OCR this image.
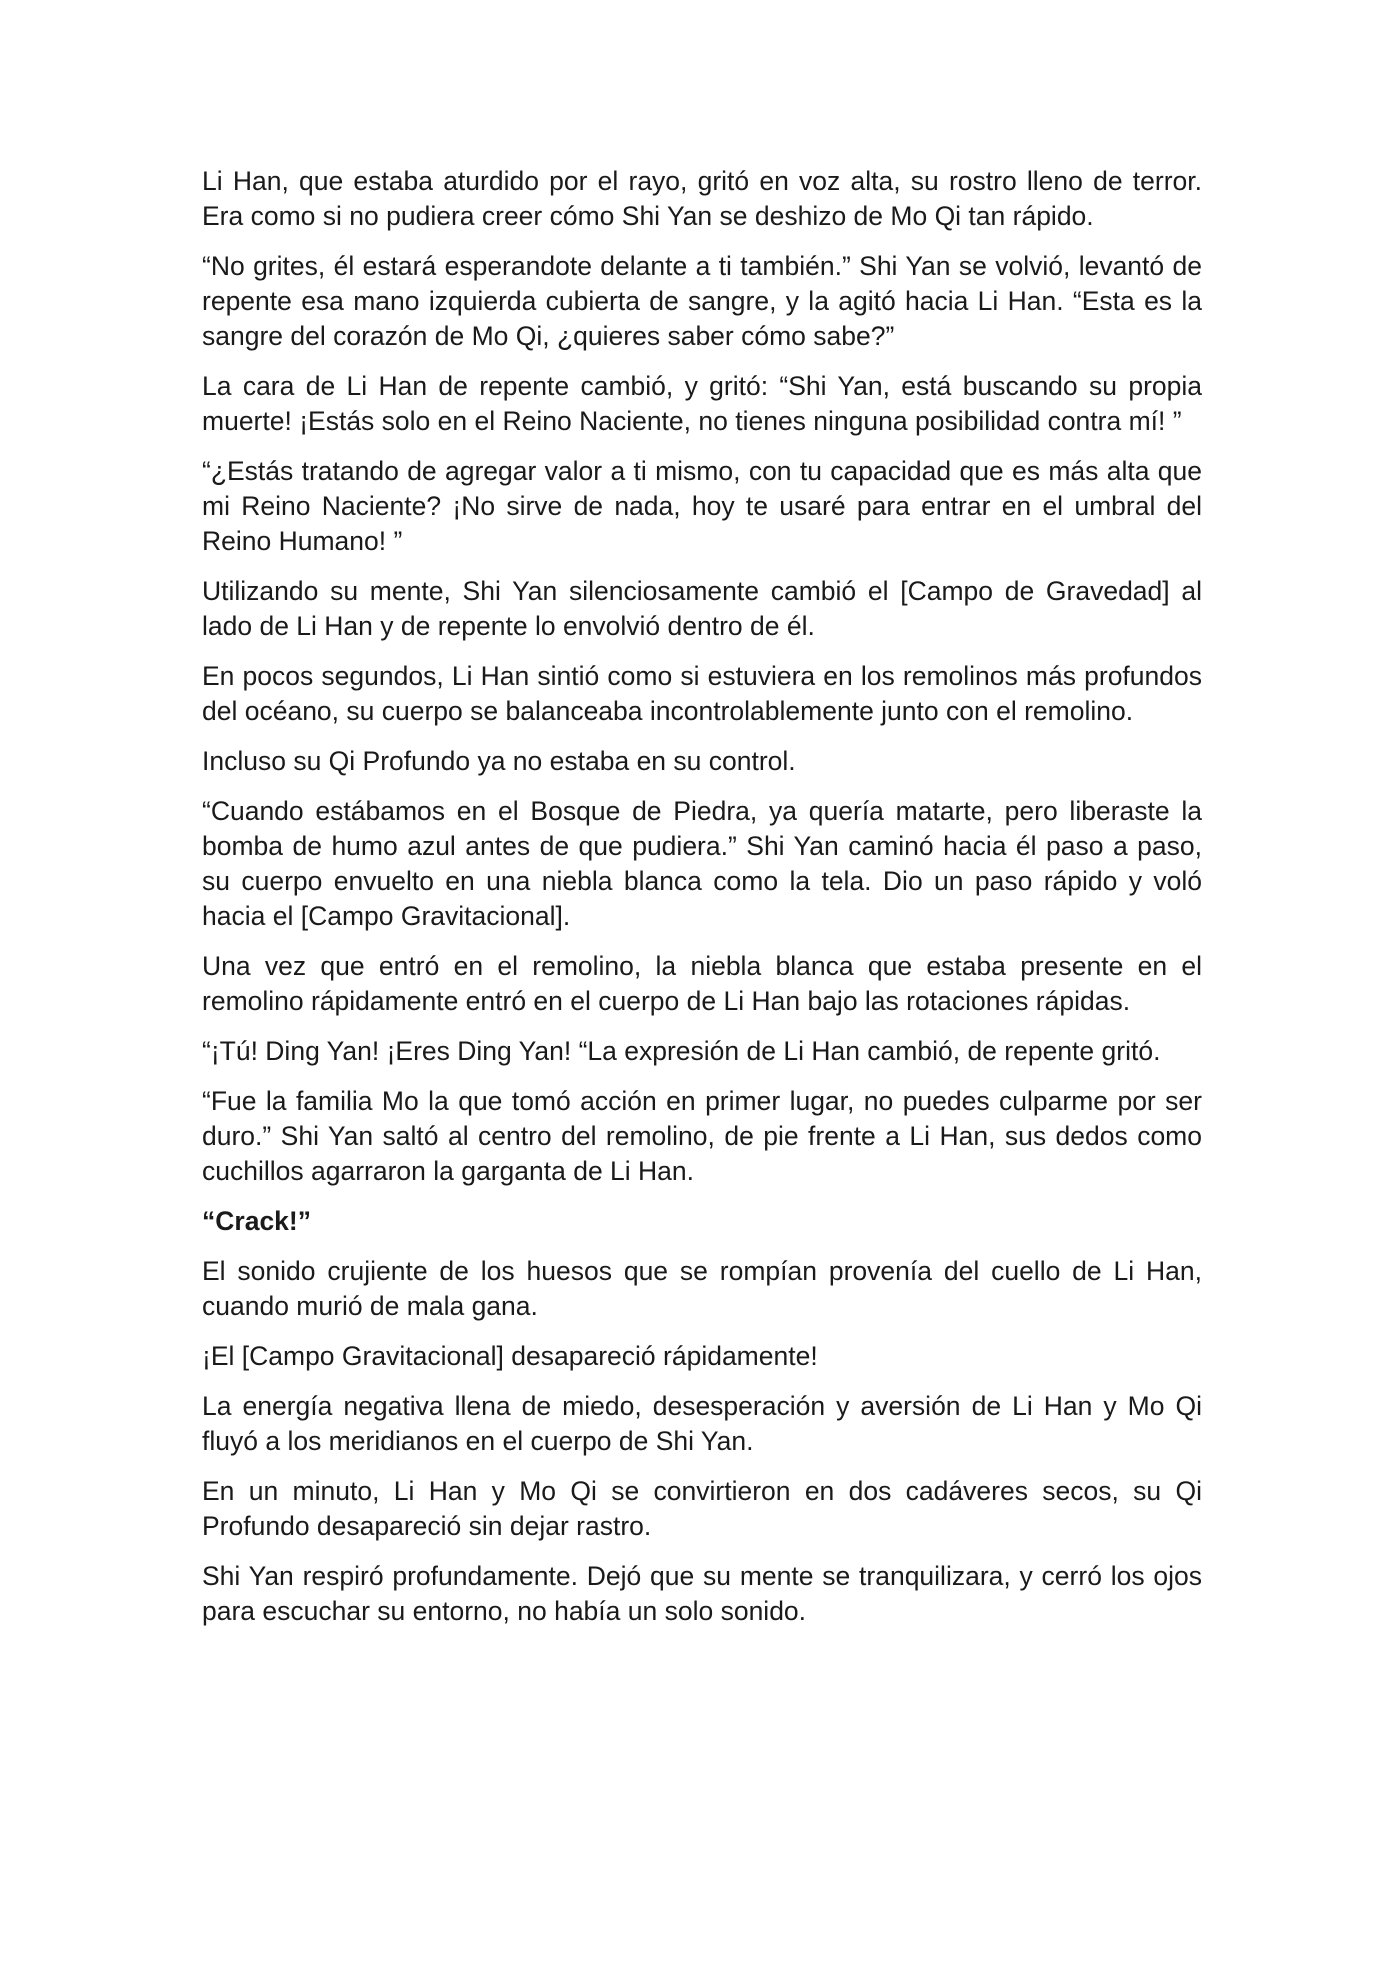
Li Han, que estaba aturdido por el rayo, gritó en voz alta, su rostro lleno de terror. Era como si no pudiera creer cómo Shi Yan se deshizo de Mo Qi tan rápido.

“No grites, él estará esperandote delante a ti también.” Shi Yan se volvió, levantó de repente esa mano izquierda cubierta de sangre, y la agitó hacia Li Han. “Esta es la sangre del corazón de Mo Qi, ¿quieres saber cómo sabe?”

La cara de Li Han de repente cambió, y gritó: “Shi Yan, está buscando su propia muerte! ¡Estás solo en el Reino Naciente, no tienes ninguna posibilidad contra mí! ”

“¿Estás tratando de agregar valor a ti mismo, con tu capacidad que es más alta que mi Reino Naciente? ¡No sirve de nada, hoy te usaré para entrar en el umbral del Reino Humano! ”

Utilizando su mente, Shi Yan silenciosamente cambió el [Campo de Gravedad] al lado de Li Han y de repente lo envolvió dentro de él.

En pocos segundos, Li Han sintió como si estuviera en los remolinos más profundos del océano, su cuerpo se balanceaba incontrolablemente junto con el remolino.

Incluso su Qi Profundo ya no estaba en su control.

“Cuando estábamos en el Bosque de Piedra, ya quería matarte, pero liberaste la bomba de humo azul antes de que pudiera.” Shi Yan caminó hacia él paso a paso, su cuerpo envuelto en una niebla blanca como la tela. Dio un paso rápido y voló hacia el [Campo Gravitacional].

Una vez que entró en el remolino, la niebla blanca que estaba presente en el remolino rápidamente entró en el cuerpo de Li Han bajo las rotaciones rápidas.

“¡Tú! Ding Yan! ¡Eres Ding Yan! “La expresión de Li Han cambió, de repente gritó.

“Fue la familia Mo la que tomó acción en primer lugar, no puedes culparme por ser duro.” Shi Yan saltó al centro del remolino, de pie frente a Li Han, sus dedos como cuchillos agarraron la garganta de Li Han.

“Crack!”

El sonido crujiente de los huesos que se rompían provenía del cuello de Li Han, cuando murió de mala gana.

¡El [Campo Gravitacional] desapareció rápidamente!

La energía negativa llena de miedo, desesperación y aversión de Li Han y Mo Qi fluyó a los meridianos en el cuerpo de Shi Yan.

En un minuto, Li Han y Mo Qi se convirtieron en dos cadáveres secos, su Qi Profundo desapareció sin dejar rastro.

Shi Yan respiró profundamente. Dejó que su mente se tranquilizara, y cerró los ojos para escuchar su entorno, no había un solo sonido.
